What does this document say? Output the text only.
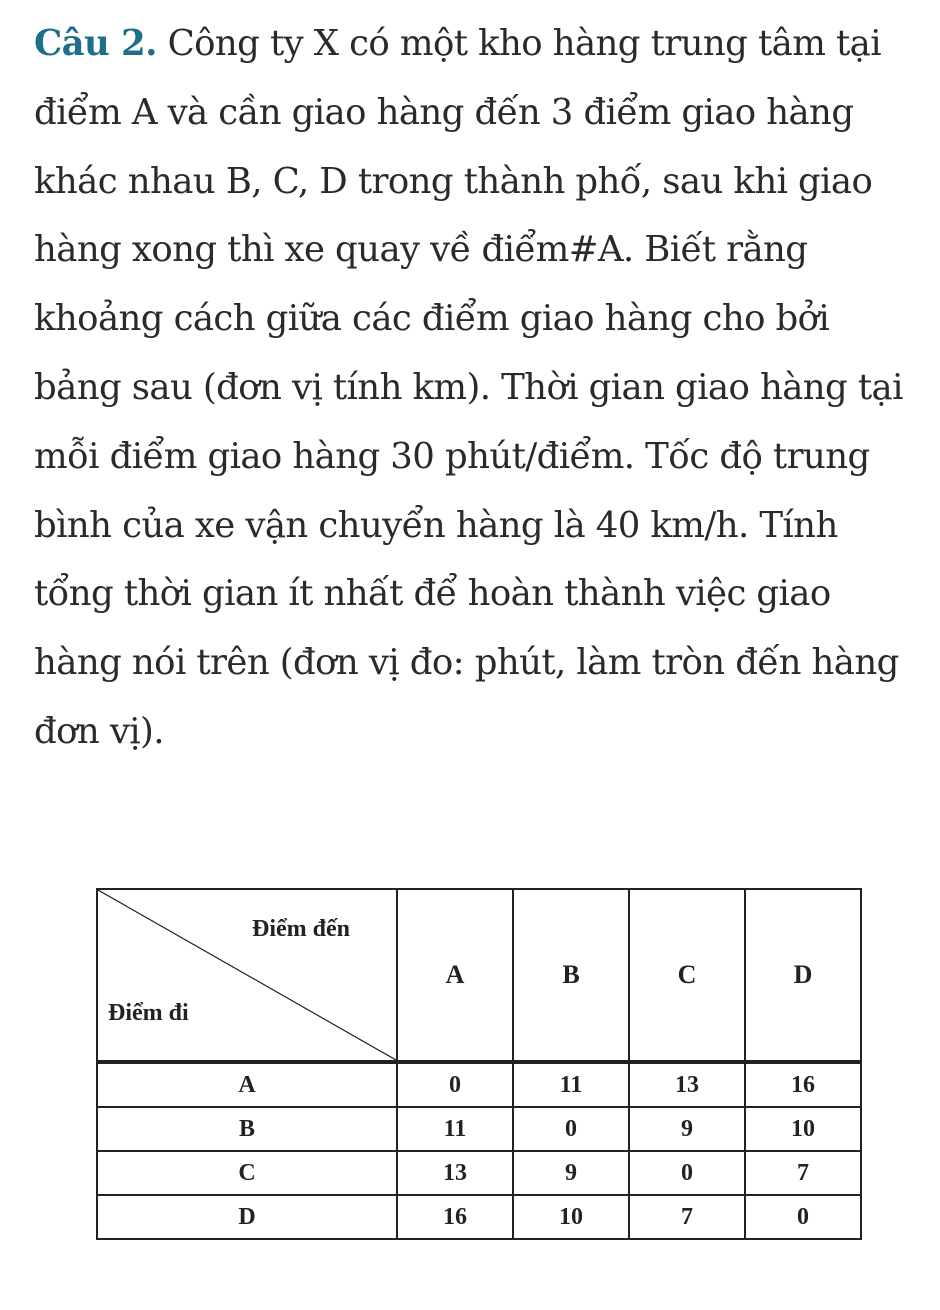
Câu 2. Công ty X có một kho hàng trung tâm tại điểm A và cần giao hàng đến 3 điểm giao hàng khác nhau B, C, D trong thành phố, sau khi giao hàng xong thì xe quay về điểm#A. Biết rằng khoảng cách giữa các điểm giao hàng cho bởi bảng sau (đơn vị tính km). Thời gian giao hàng tại mỗi điểm giao hàng 30 phút/điểm. Tốc độ trung bình của xe vận chuyển hàng là 40 km/h. Tính tổng thời gian ít nhất để hoàn thành việc giao hàng nói trên (đơn vị đo: phút, làm tròn đến hàng đơn vị).
Điểm đến
Điểm đi	A	B	C	D
A	0	11	13	16
B	11	0	9	10
C	13	9	0	7
D	16	10	7	0
